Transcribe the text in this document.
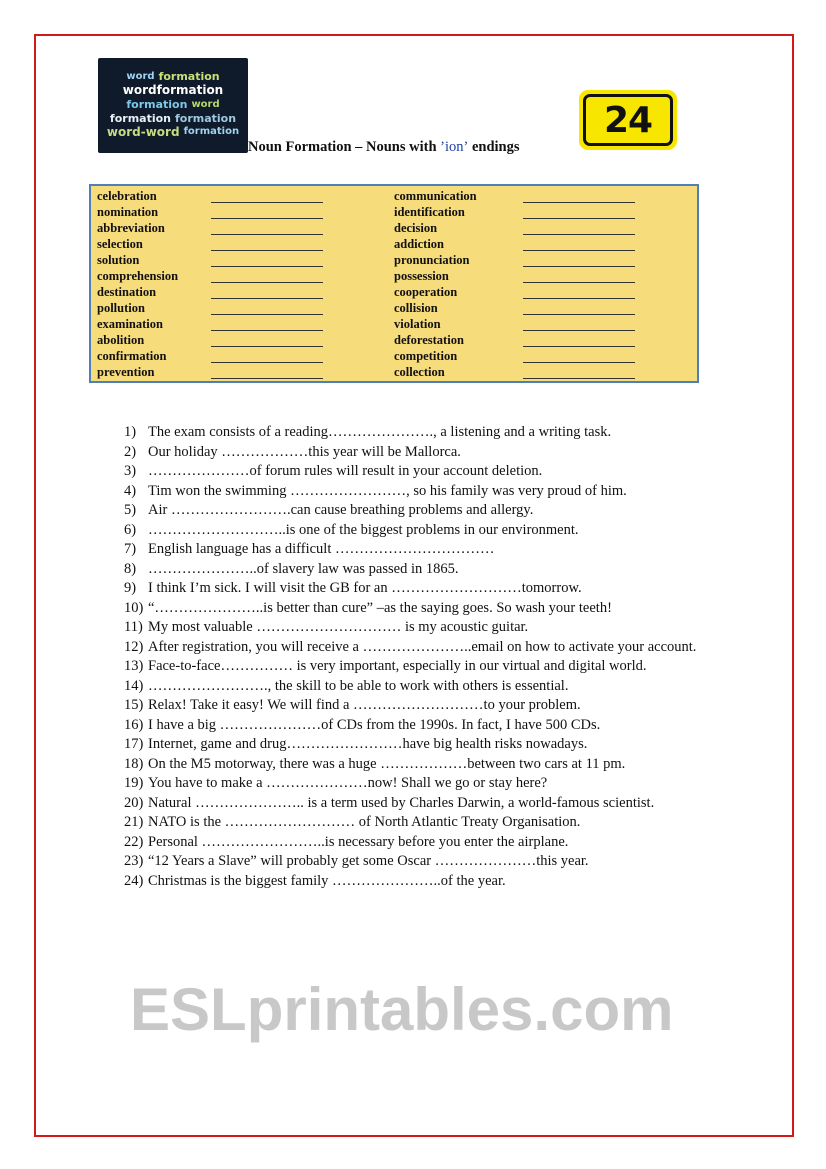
word formation
wordformation
formation word
formation formation
word-word formation
Noun Formation – Nouns with ’ion’ endings
24
celebration	communication
nomination	identification
abbreviation	decision
selection	addiction
solution	pronunciation
comprehension	possession
destination	cooperation
pollution	collision
examination	violation
abolition	deforestation
confirmation	competition
prevention	collection
1) The exam consists of a reading…………………., a listening and a writing task.
2) Our holiday ………………this year will be Mallorca.
3) …………………of forum rules will result in your account deletion.
4) Tim won the swimming ……………………, so his family was very proud of him.
5) Air …………………….can cause breathing problems and allergy.
6) ………………………..is one of the biggest problems in our environment.
7) English language has a difficult ……………………………
8) …………………..of slavery law was passed in 1865.
9) I think I’m sick. I will visit the GB for an ………………………tomorrow.
10) “…………………..is better than cure” –as the saying goes. So wash your teeth!
11) My most valuable ………………………… is my acoustic guitar.
12) After registration, you will receive a …………………..email on how to activate your account.
13) Face-to-face…………… is very important, especially in our virtual and digital world.
14) ……………………., the skill to be able to work with others is essential.
15) Relax! Take it easy! We will find a ………………………to your problem.
16) I have a big …………………of CDs from the 1990s. In fact, I have 500 CDs.
17) Internet, game and drug……………………have big health risks nowadays.
18) On the M5 motorway, there was a huge ………………between two cars at 11 pm.
19) You have to make a …………………now! Shall we go or stay here?
20) Natural ………………….. is a term used by Charles Darwin, a world-famous scientist.
21) NATO is the ……………………… of North Atlantic Treaty Organisation.
22) Personal ……………………..is necessary before you enter the airplane.
23) “12 Years a Slave” will probably get some Oscar …………………this year.
24) Christmas is the biggest family …………………..of the year.
ESLprintables.com
